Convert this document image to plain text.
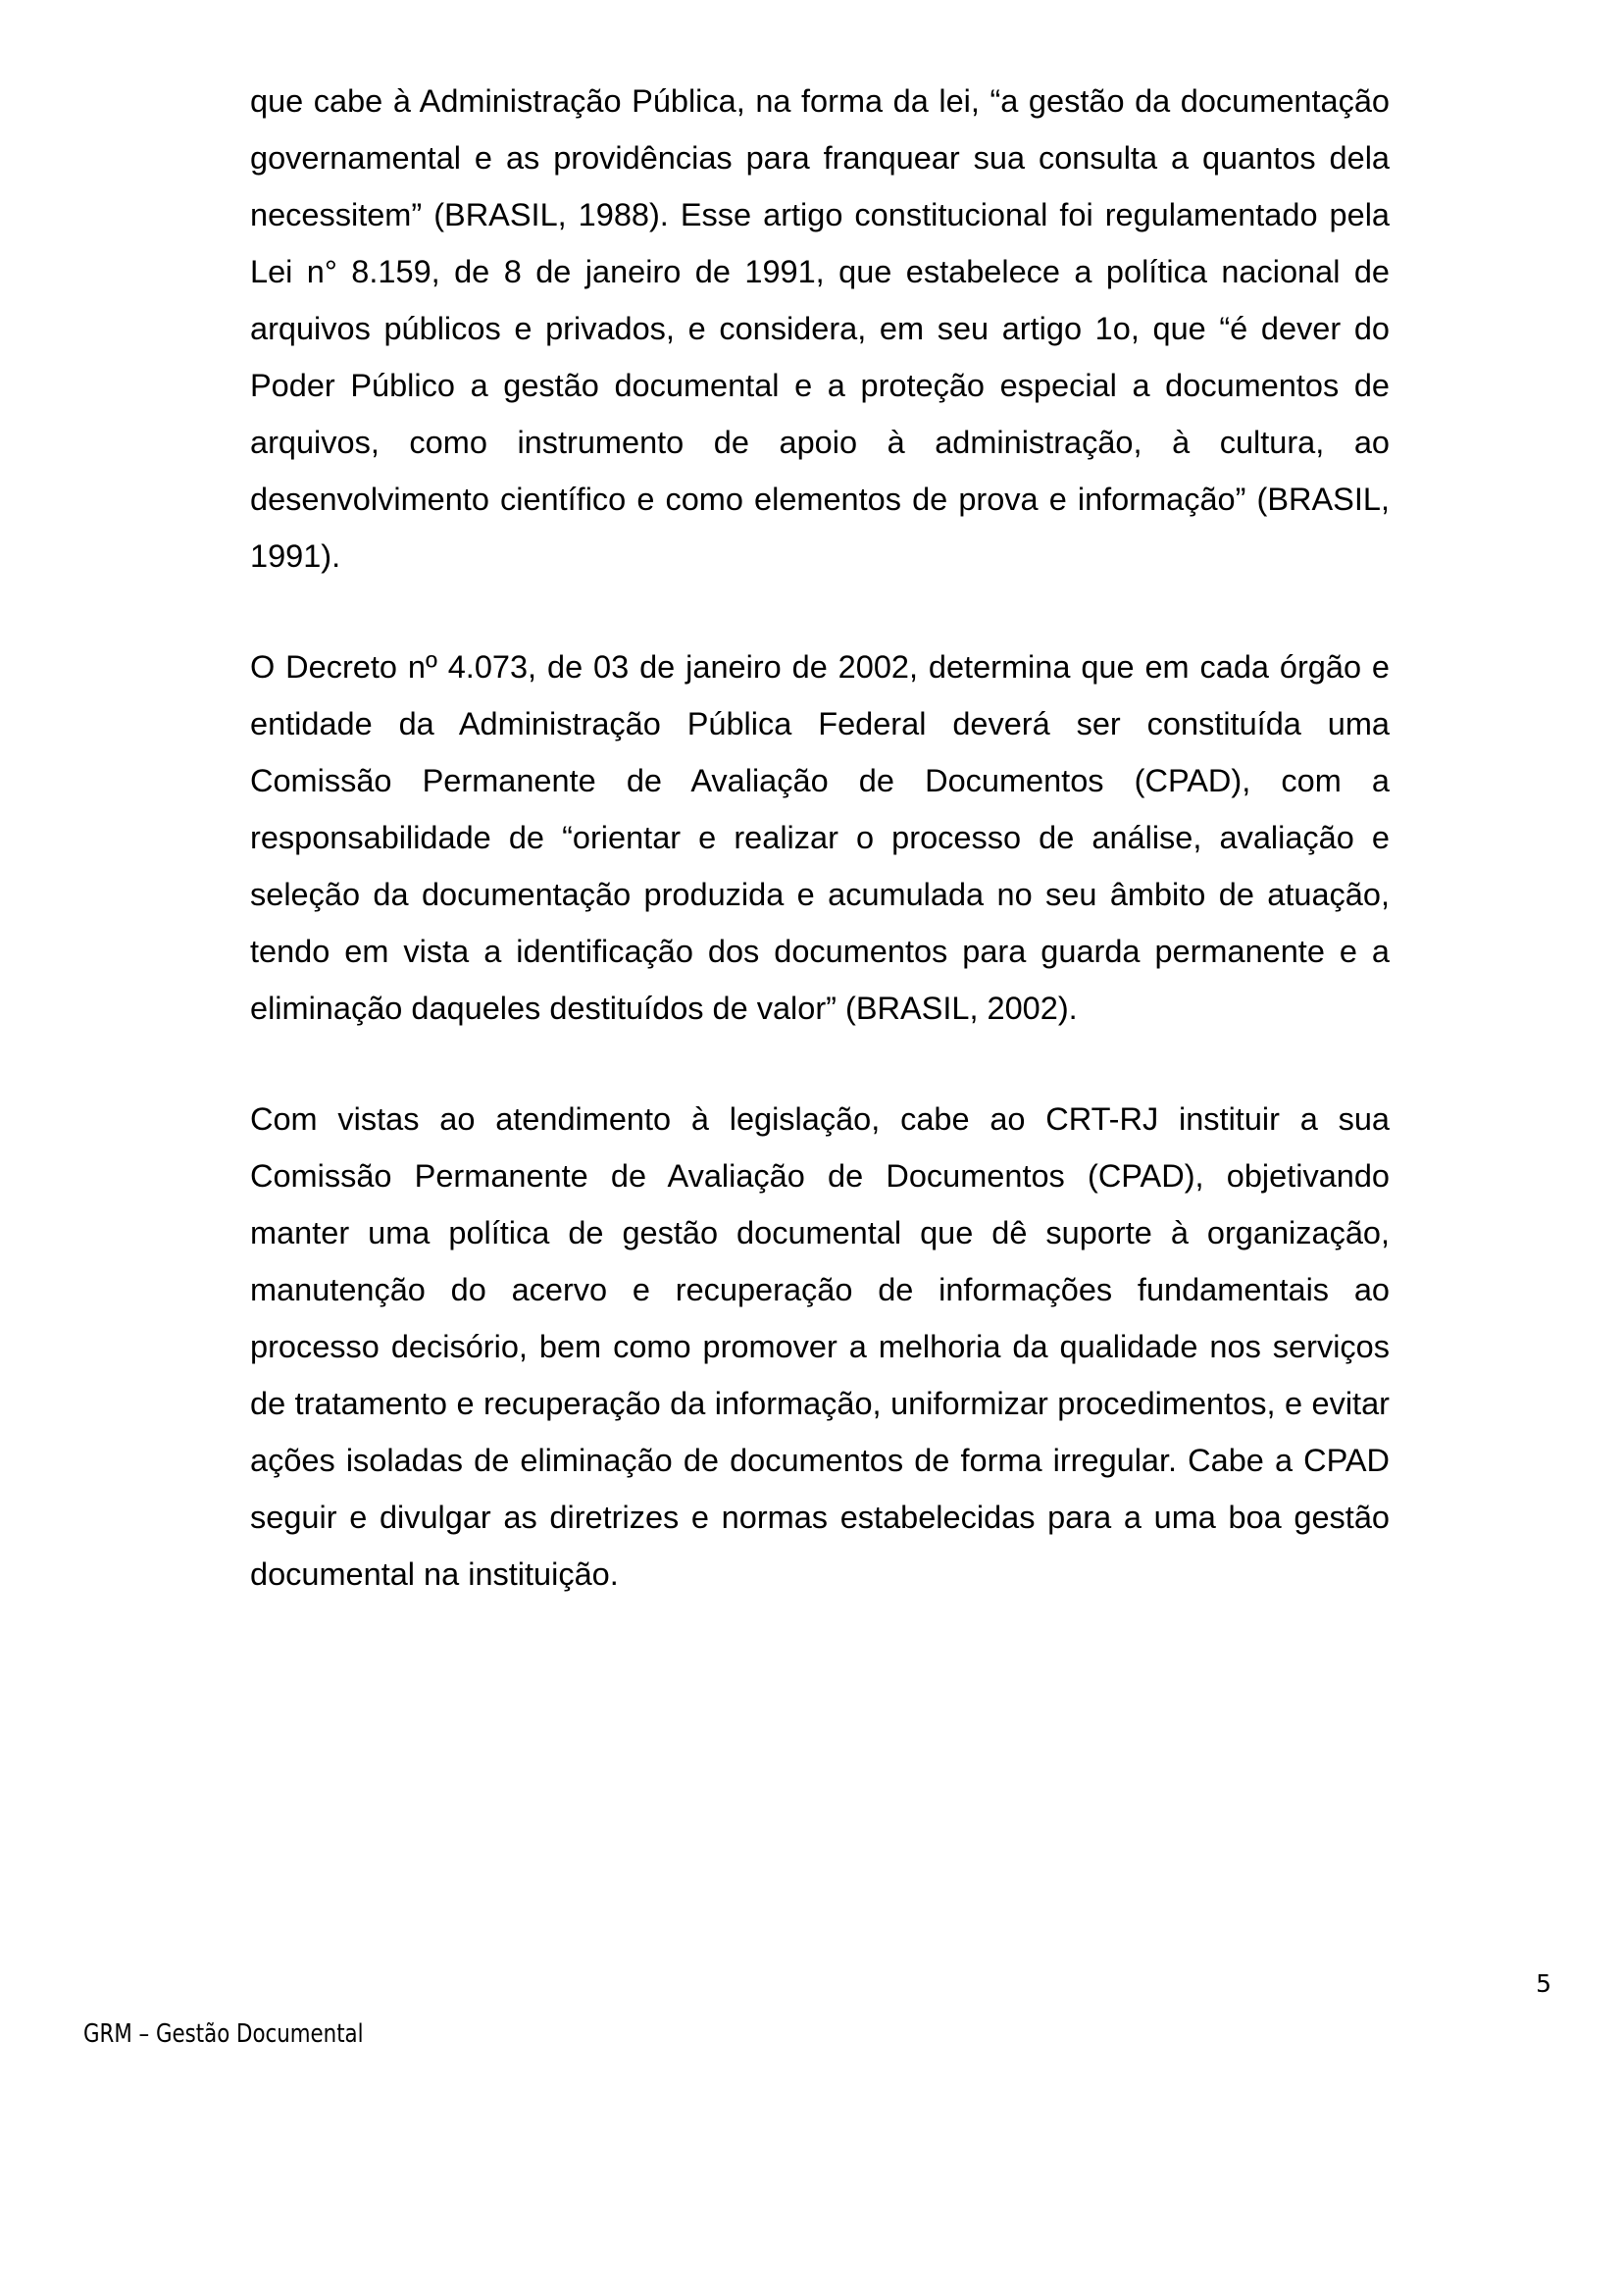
que cabe à Administração Pública, na forma da lei, “a gestão da documentação governamental e as providências para franquear sua consulta a quantos dela necessitem” (BRASIL, 1988). Esse artigo constitucional foi regulamentado pela Lei n° 8.159, de 8 de janeiro de 1991, que estabelece a política nacional de arquivos públicos e privados, e considera, em seu artigo 1o, que “é dever do Poder Público a gestão documental e a proteção especial a documentos de arquivos, como instrumento de apoio à administração, à cultura, ao desenvolvimento científico e como elementos de prova e informação” (BRASIL, 1991).

O Decreto nº 4.073, de 03 de janeiro de 2002, determina que em cada órgão e entidade da Administração Pública Federal deverá ser constituída uma Comissão Permanente de Avaliação de Documentos (CPAD), com a responsabilidade de “orientar e realizar o processo de análise, avaliação e seleção da documentação produzida e acumulada no seu âmbito de atuação, tendo em vista a identificação dos documentos para guarda permanente e a eliminação daqueles destituídos de valor” (BRASIL, 2002).

Com vistas ao atendimento à legislação, cabe ao CRT-RJ instituir a sua Comissão Permanente de Avaliação de Documentos (CPAD), objetivando manter uma política de gestão documental que dê suporte à organização, manutenção do acervo e recuperação de informações fundamentais ao processo decisório, bem como promover a melhoria da qualidade nos serviços de tratamento e recuperação da informação, uniformizar procedimentos, e evitar ações isoladas de eliminação de documentos de forma irregular. Cabe a CPAD seguir e divulgar as diretrizes e normas estabelecidas para a uma boa gestão documental na instituição.

5
GRM – Gestão Documental
